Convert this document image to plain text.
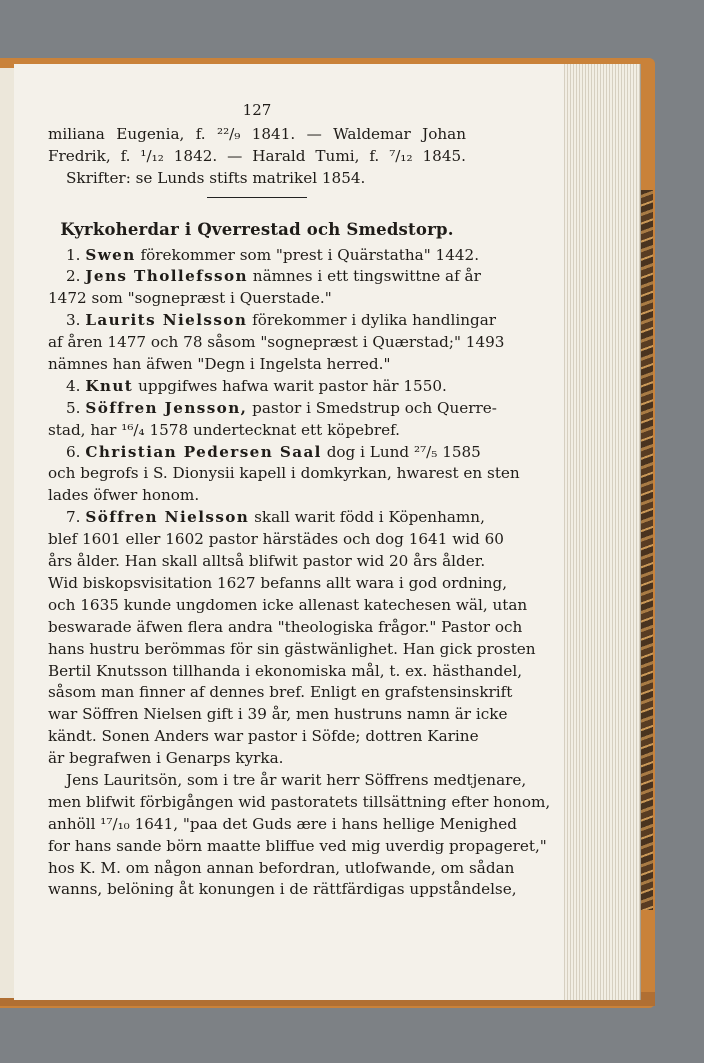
127
miliana Eugenia, f. ²²/₉ 1841. — Waldemar Johan
Fredrik, f. ¹/₁₂ 1842. — Harald Tumi, f. ⁷/₁₂ 1845.
Skrifter: se Lunds stifts matrikel 1854.
Kyrkoherdar i Qverrestad och Smedstorp.
1. Swen förekommer som "prest i Quärstatha" 1442.
2. Jens Thollefsson nämnes i ett tingswittne af år
1472 som "sognepræst i Querstade."
3. Laurits Nielsson förekommer i dylika handlingar
af åren 1477 och 78 såsom "sognepræst i Quærstad;" 1493
nämnes han äfwen "Degn i Ingelsta herred."
4. Knut uppgifwes hafwa warit pastor här 1550.
5. Söffren Jensson, pastor i Smedstrup och Querre-
stad, har ¹⁶/₄ 1578 undertecknat ett köpebref.
6. Christian Pedersen Saal dog i Lund ²⁷/₅ 1585
och begrofs i S. Dionysii kapell i domkyrkan, hwarest en sten
lades öfwer honom.
7. Söffren Nielsson skall warit född i Köpenhamn,
blef 1601 eller 1602 pastor härstädes och dog 1641 wid 60
års ålder. Han skall alltså blifwit pastor wid 20 års ålder.
Wid biskopsvisitation 1627 befanns allt wara i god ordning,
och 1635 kunde ungdomen icke allenast katechesen wäl, utan
beswarade äfwen flera andra "theologiska frågor." Pastor och
hans hustru berömmas för sin gästwänlighet. Han gick prosten
Bertil Knutsson tillhanda i ekonomiska mål, t. ex. hästhandel,
såsom man finner af dennes bref. Enligt en grafstensinskrift
war Söffren Nielsen gift i 39 år, men hustruns namn är icke
kändt. Sonen Anders war pastor i Söfde; dottren Karine
är begrafwen i Genarps kyrka.
Jens Lauritsön, som i tre år warit herr Söffrens medtjenare,
men blifwit förbigången wid pastoratets tillsättning efter honom,
anhöll ¹⁷/₁₀ 1641, "paa det Guds ære i hans hellige Menighed
for hans sande börn maatte bliffue ved mig uverdig propageret,"
hos K. M. om någon annan befordran, utlofwande, om sådan
wanns, belöning åt konungen i de rättfärdigas uppståndelse,
